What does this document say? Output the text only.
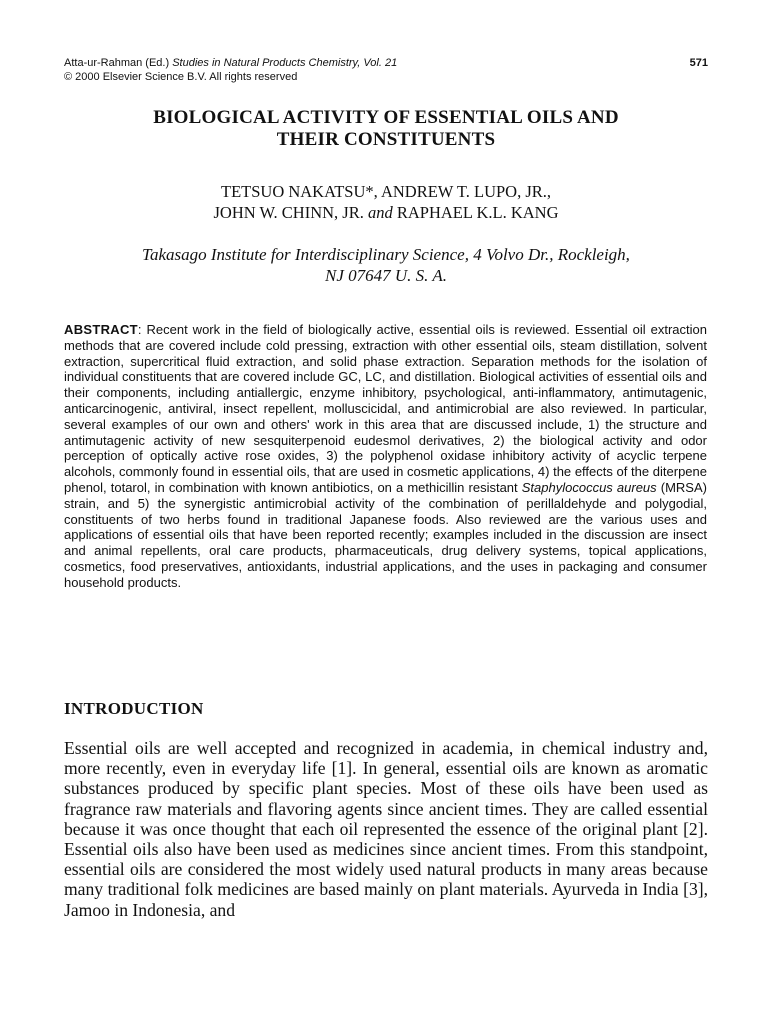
Atta-ur-Rahman (Ed.) Studies in Natural Products Chemistry, Vol. 21	571
© 2000 Elsevier Science B.V. All rights reserved
BIOLOGICAL ACTIVITY OF ESSENTIAL OILS AND
THEIR CONSTITUENTS
TETSUO NAKATSU*, ANDREW T. LUPO, JR.,
JOHN W. CHINN, JR. and RAPHAEL K.L. KANG
Takasago Institute for Interdisciplinary Science, 4 Volvo Dr., Rockleigh,
NJ 07647 U. S. A.
ABSTRACT: Recent work in the field of biologically active, essential oils is reviewed. Essential oil extraction methods that are covered include cold pressing, extraction with other essential oils, steam distillation, solvent extraction, supercritical fluid extraction, and solid phase extraction. Separation methods for the isolation of individual constituents that are covered include GC, LC, and distillation. Biological activities of essential oils and their components, including antiallergic, enzyme inhibitory, psychological, anti-inflammatory, antimutagenic, anticarcinogenic, antiviral, insect repellent, molluscicidal, and antimicrobial are also reviewed. In particular, several examples of our own and others' work in this area that are discussed include, 1) the structure and antimutagenic activity of new sesquiterpenoid eudesmol derivatives, 2) the biological activity and odor perception of optically active rose oxides, 3) the polyphenol oxidase inhibitory activity of acyclic terpene alcohols, commonly found in essential oils, that are used in cosmetic applications, 4) the effects of the diterpene phenol, totarol, in combination with known antibiotics, on a methicillin resistant Staphylococcus aureus (MRSA) strain, and 5) the synergistic antimicrobial activity of the combination of perillaldehyde and polygodial, constituents of two herbs found in traditional Japanese foods. Also reviewed are the various uses and applications of essential oils that have been reported recently; examples included in the discussion are insect and animal repellents, oral care products, pharmaceuticals, drug delivery systems, topical applications, cosmetics, food preservatives, antioxidants, industrial applications, and the uses in packaging and consumer household products.
INTRODUCTION
Essential oils are well accepted and recognized in academia, in chemical industry and, more recently, even in everyday life [1]. In general, essential oils are known as aromatic substances produced by specific plant species. Most of these oils have been used as fragrance raw materials and flavoring agents since ancient times. They are called essential because it was once thought that each oil represented the essence of the original plant [2]. Essential oils also have been used as medicines since ancient times. From this standpoint, essential oils are considered the most widely used natural products in many areas because many traditional folk medicines are based mainly on plant materials. Ayurveda in India [3], Jamoo in Indonesia, and
